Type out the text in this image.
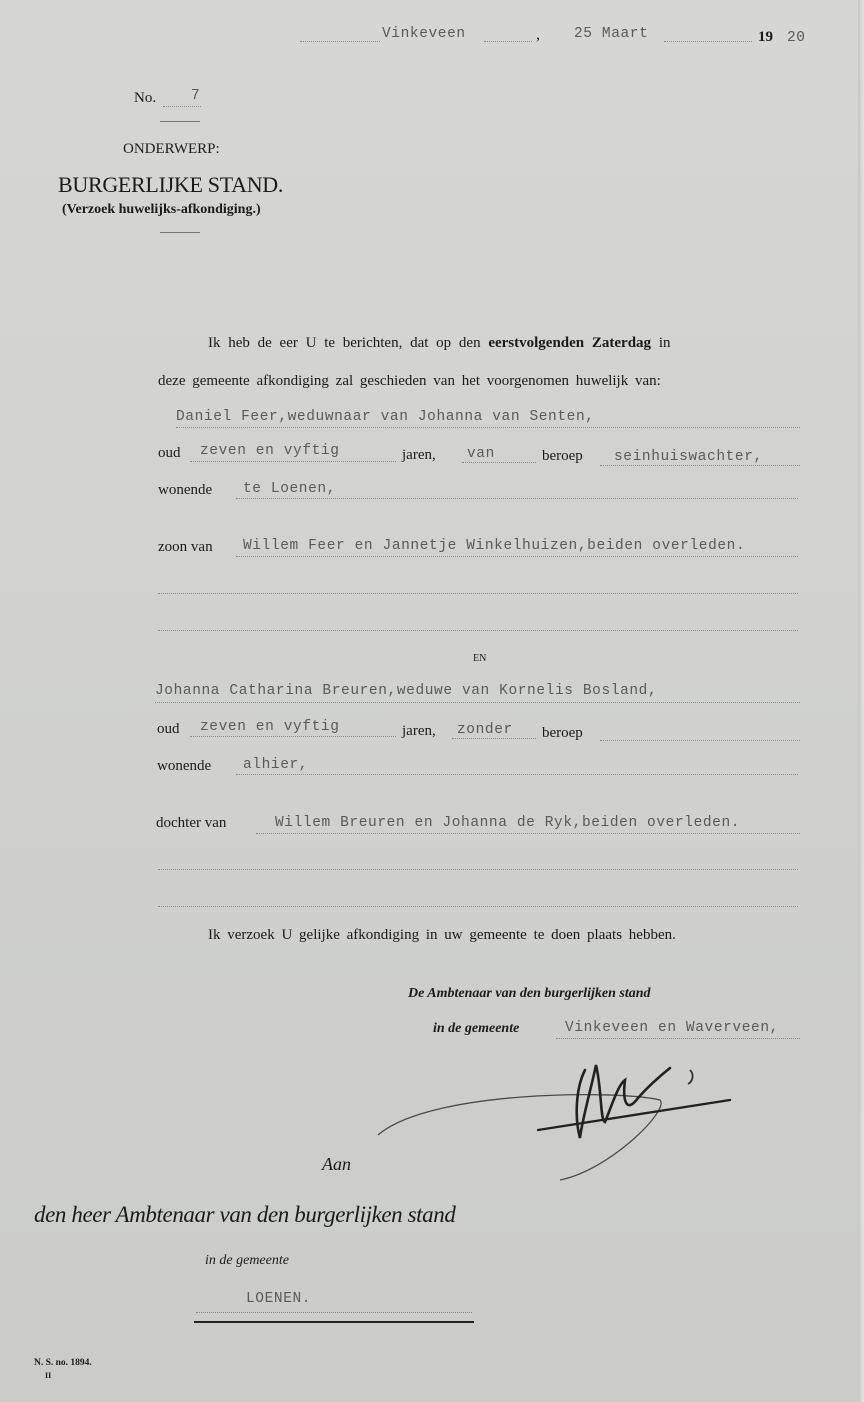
Vinkeveen	, 25 Maart	19 20
No. 7
ONDERWERP:
BURGERLIJKE STAND.
(Verzoek huwelijks-afkondiging.)
Ik heb de eer U te berichten, dat op den eerstvolgenden Zaterdag in
deze gemeente afkondiging zal geschieden van het voorgenomen huwelijk van:
Daniel Feer,weduwnaar van Johanna van Senten,
oud zeven en vyftig	jaren, van	beroep seinhuiswachter,
wonende te Loenen,
zoon van Willem Feer en Jannetje Winkelhuizen,beiden overleden.
EN
Johanna Catharina Breuren,weduwe van Kornelis Bosland,
oud zeven en vyftig	jaren, zonder beroep
wonende alhier,
dochter van	Willem Breuren en Johanna de Ryk,beiden overleden.
Ik verzoek U gelijke afkondiging in uw gemeente te doen plaats hebben.
De Ambtenaar van den burgerlijken stand
in de gemeente	Vinkeveen en Waverveen,
Aan
den heer Ambtenaar van den burgerlijken stand
in de gemeente
LOENEN.
N. S. no. 1894.
II
